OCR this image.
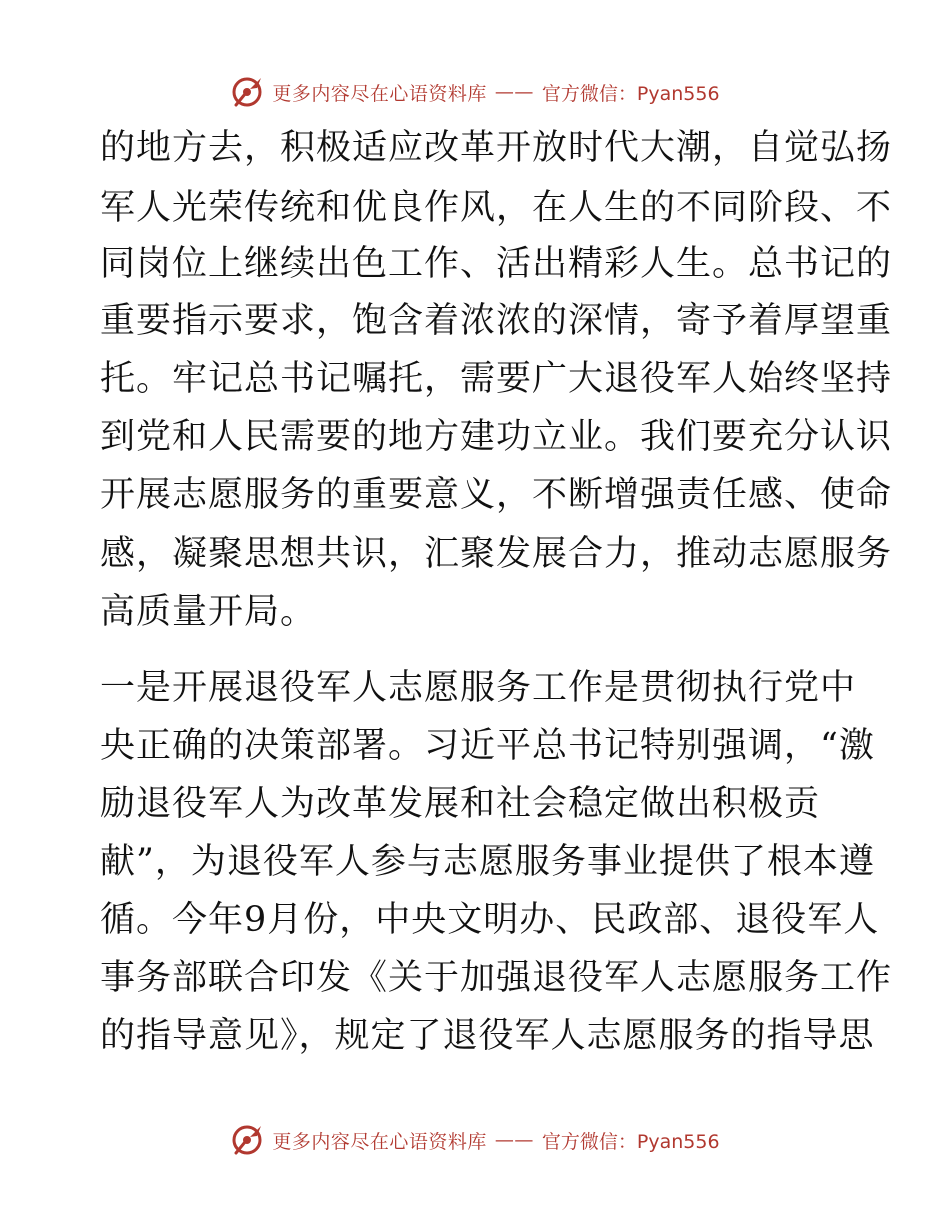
更多内容尽在心语资料库 —— 官方微信：Pyan556
的地方去，积极适应改革开放时代大潮，自觉弘扬
军人光荣传统和优良作风，在人生的不同阶段、不
同岗位上继续出色工作、活出精彩人生。总书记的
重要指示要求，饱含着浓浓的深情，寄予着厚望重
托。牢记总书记嘱托，需要广大退役军人始终坚持
到党和人民需要的地方建功立业。我们要充分认识
开展志愿服务的重要意义，不断增强责任感、使命
感，凝聚思想共识，汇聚发展合力，推动志愿服务
高质量开局。
一是开展退役军人志愿服务工作是贯彻执行党中
央正确的决策部署。习近平总书记特别强调，“激
励退役军人为改革发展和社会稳定做出积极贡
献”，为退役军人参与志愿服务事业提供了根本遵
循。今年9月份，中央文明办、民政部、退役军人
事务部联合印发《关于加强退役军人志愿服务工作
的指导意见》，规定了退役军人志愿服务的指导思
更多内容尽在心语资料库 —— 官方微信：Pyan556
